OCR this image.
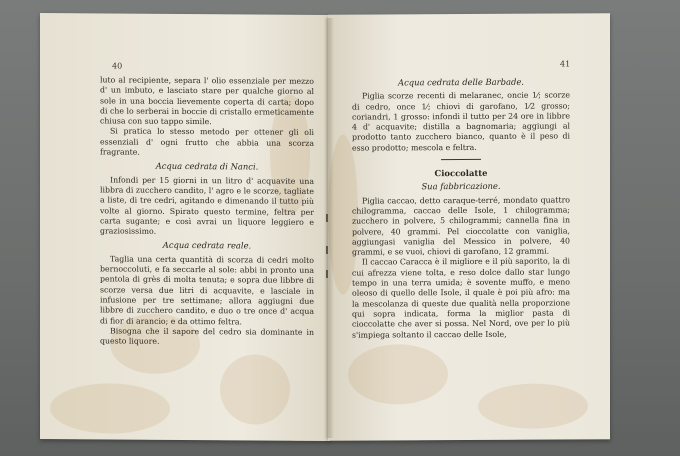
40

luto al recipiente, separa l' olio essenziale per mezzo d' un imbuto, e lasciato stare per qualche giorno al sole in una boccia lievemente coperta di carta; dopo di che lo serberai in boccie di cristallo ermeticamente chiusa con suo tappo simile.

Si pratica lo stesso metodo per ottener gli oli essenziali d' ogni frutto che abbia una scorza fragrante.

Acqua cedrata di Nanci.

Infondi per 15 giorni in un litro d' acquavite una libbra di zucchero candito, l' agro e le scorze, tagliate a liste, di tre cedri, agitando e dimenando il tutto più volte al giorno. Spirato questo termine, feltra per carta sugante; e così avrai un liquore leggiero e graziosissimo.

Acqua cedrata reale.

Taglia una certa quantità di scorza di cedri molto bernoccoluti, e fa seccarle al sole: abbi in pronto una pentola di grès di molta tenuta; e sopra due libbre di scorze versa due litri di acquavite, e lasciale in infusione per tre settimane; allora aggiugni due libbre di zucchero candito, e duo o tre once d' acqua di fior di arancio; e da ottimo feltra.

Bisogna che il sapore del cedro sia dominante in questo liquore.

41
Acqua cedrata delle Barbade.

Piglia scorze recenti di melaranec, oncie 1⁄; scorze di cedro, once 1⁄; chiovi di garofano, 1⁄2 grosso; coriandri, 1 grosso: infondi il tutto per 24 ore in libbre 4 d' acquavite; distilla a bagnomaria; aggiungi al prodotto tanto zucchero bianco, quanto è il peso di esso prodotto; mescola e feltra.

Cioccolatte
Sua fabbricazione.

Piglia caccao, detto caraque-terré, mondato quattro chilogramma, caccao delle Isole, 1 chilogramma; zucchero in polvere, 5 chilogrammi; cannella fina in polvere, 40 grammi. Pel cioccolatte con vaniglia, aggiungasi vaniglia del Messico in polvere, 40 grammi, e se vuoi, chiovi di garofano, 12 grammi.

Il caccao Caracca è il migliore e il più saporito, la di cui afrezza viene tolta, e reso dolce dallo star lungo tempo in una terra umida; è sovente muffo, e meno oleoso di quello delle Isole, il quale è poi più afro: ma la mescolanza di queste due qualità nella proporzione qui sopra indicata, forma la miglior pasta di cioccolatte che aver si possa. Nel Nord, ove per lo più s'impiega soltanto il caccao delle Isole,
